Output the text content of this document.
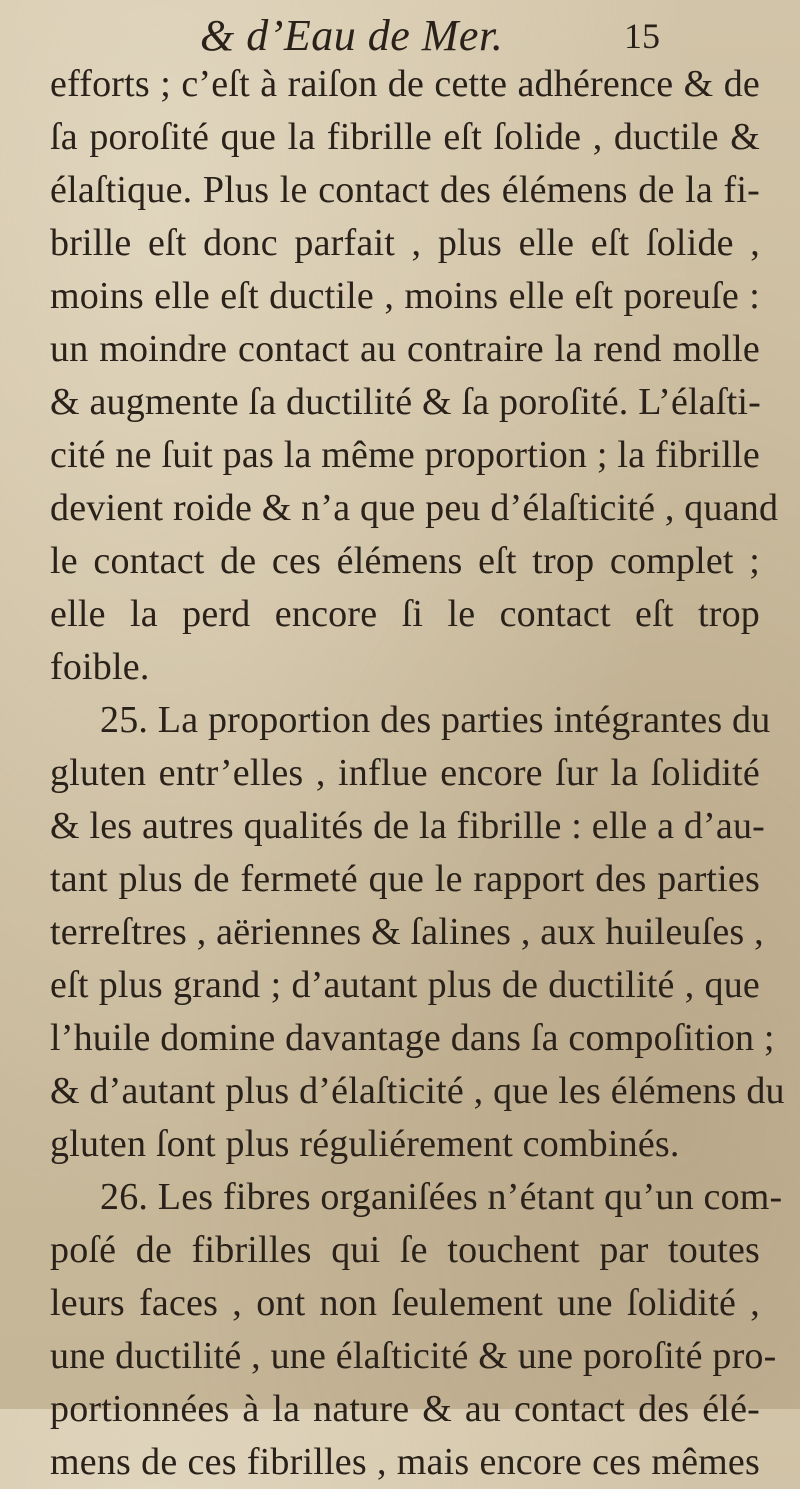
& d’Eau de Mer.	15
efforts ; c’eſt à raiſon de cette adhérence & de
ſa poroſité que la fibrille eſt ſolide , ductile &
élaſtique. Plus le contact des élémens de la fi-
brille eſt donc parfait , plus elle eſt ſolide ,
moins elle eſt ductile , moins elle eſt poreuſe :
un moindre contact au contraire la rend molle
& augmente ſa ductilité & ſa poroſité. L’élaſti-
cité ne ſuit pas la même proportion ; la fibrille
devient roide & n’a que peu d’élaſticité , quand
le contact de ces élémens eſt trop complet ;
elle la perd encore ſi le contact eſt trop
foible.
25. La proportion des parties intégrantes du
gluten entr’elles , influe encore ſur la ſolidité
& les autres qualités de la fibrille : elle a d’au-
tant plus de fermeté que le rapport des parties
terreſtres , aëriennes & ſalines , aux huileuſes ,
eſt plus grand ; d’autant plus de ductilité , que
l’huile domine davantage dans ſa compoſition ;
& d’autant plus d’élaſticité , que les élémens du
gluten ſont plus réguliérement combinés.
26. Les fibres organiſées n’étant qu’un com-
poſé de fibrilles qui ſe touchent par toutes
leurs faces , ont non ſeulement une ſolidité ,
une ductilité , une élaſticité & une poroſité pro-
portionnées à la nature & au contact des élé-
mens de ces fibrilles , mais encore ces mêmes
